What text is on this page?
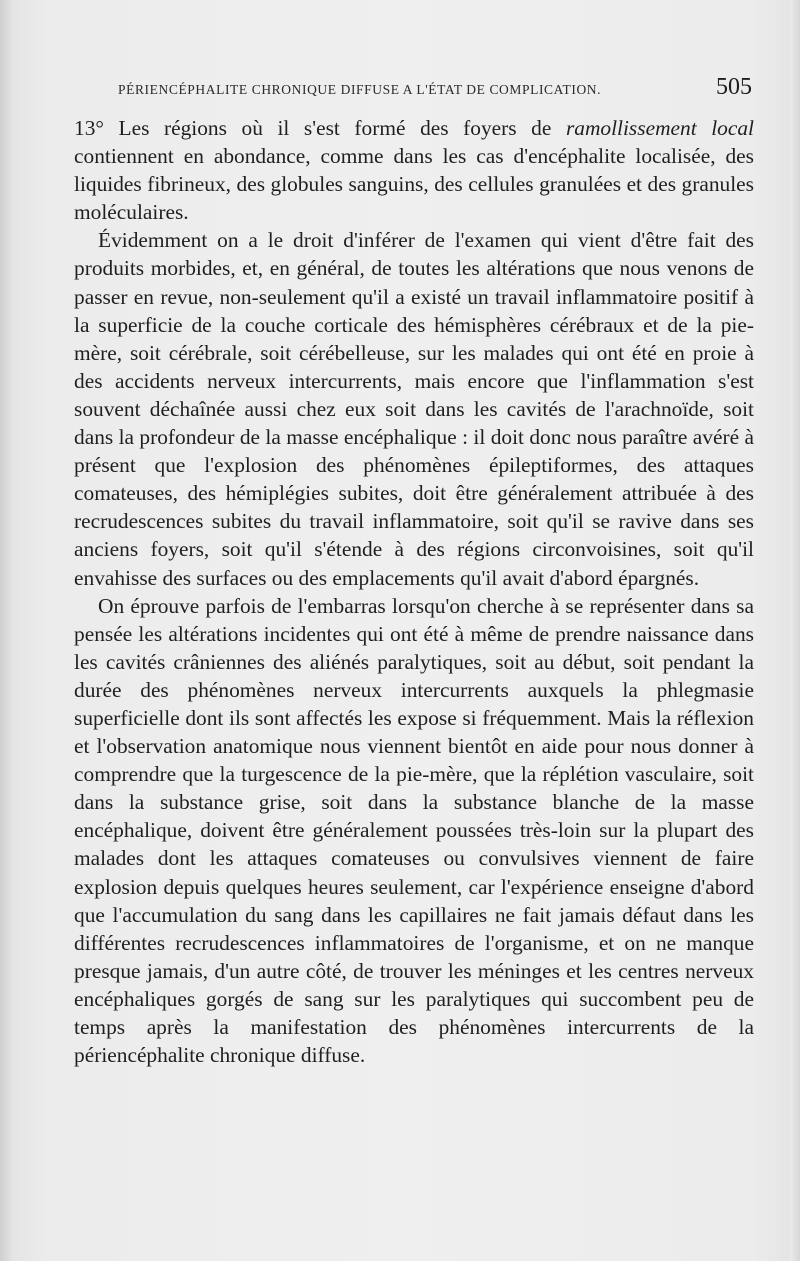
PÉRIENCÉPHALITE CHRONIQUE DIFFUSE A L'ÉTAT DE COMPLICATION.	505

13° Les régions où il s'est formé des foyers de ramollissement local contiennent en abondance, comme dans les cas d'encéphalite localisée, des liquides fibrineux, des globules sanguins, des cellules granulées et des granules moléculaires.

Évidemment on a le droit d'inférer de l'examen qui vient d'être fait des produits morbides, et, en général, de toutes les altérations que nous venons de passer en revue, non-seulement qu'il a existé un travail inflammatoire positif à la superficie de la couche corticale des hémisphères cérébraux et de la pie-mère, soit cérébrale, soit cérébelleuse, sur les malades qui ont été en proie à des accidents nerveux intercurrents, mais encore que l'inflammation s'est souvent déchaînée aussi chez eux soit dans les cavités de l'arachnoïde, soit dans la profondeur de la masse encéphalique : il doit donc nous paraître avéré à présent que l'explosion des phénomènes épileptiformes, des attaques comateuses, des hémiplégies subites, doit être généralement attribuée à des recrudescences subites du travail inflammatoire, soit qu'il se ravive dans ses anciens foyers, soit qu'il s'étende à des régions circonvoisines, soit qu'il envahisse des surfaces ou des emplacements qu'il avait d'abord épargnés.

On éprouve parfois de l'embarras lorsqu'on cherche à se représenter dans sa pensée les altérations incidentes qui ont été à même de prendre naissance dans les cavités crâniennes des aliénés paralytiques, soit au début, soit pendant la durée des phénomènes nerveux intercurrents auxquels la phlegmasie superficielle dont ils sont affectés les expose si fréquemment. Mais la réflexion et l'observation anatomique nous viennent bientôt en aide pour nous donner à comprendre que la turgescence de la pie-mère, que la réplétion vasculaire, soit dans la substance grise, soit dans la substance blanche de la masse encéphalique, doivent être généralement poussées très-loin sur la plupart des malades dont les attaques comateuses ou convulsives viennent de faire explosion depuis quelques heures seulement, car l'expérience enseigne d'abord que l'accumulation du sang dans les capillaires ne fait jamais défaut dans les différentes recrudescences inflammatoires de l'organisme, et on ne manque presque jamais, d'un autre côté, de trouver les méninges et les centres nerveux encéphaliques gorgés de sang sur les paralytiques qui succombent peu de temps après la manifestation des phénomènes intercurrents de la périencéphalite chronique diffuse.
